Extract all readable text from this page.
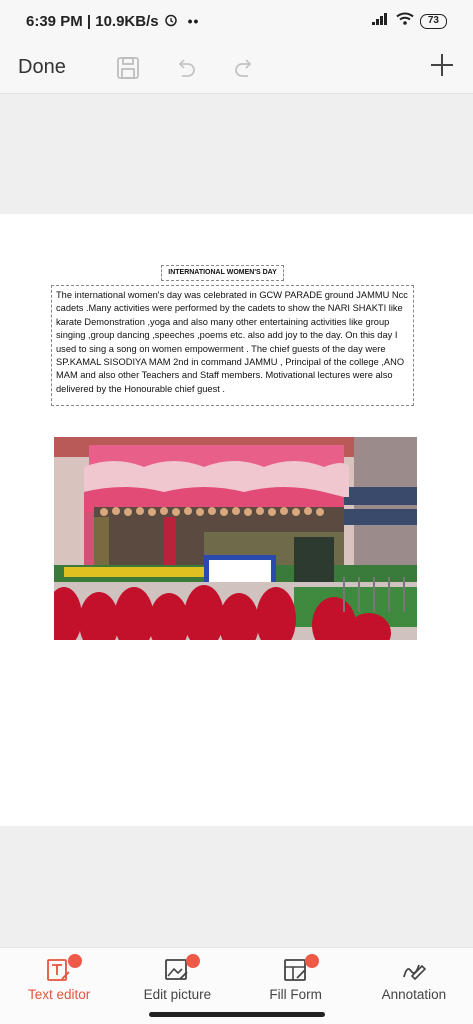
6:39 PM | 10.9KB/s ••	73
Done
INTERNATIONAL WOMEN'S DAY
The international women's day was celebrated in GCW PARADE ground JAMMU Ncc cadets .Many activities were performed by the cadets to show the NARI SHAKTI like karate Demonstration ,yoga and also many other entertaining activities like group singing ,group dancing ,speeches ,poems etc. also add joy to the day. On this day I used to sing a song on women empowerment . The chief guests of the day were SP.KAMAL SISODIYA MAM 2nd in command JAMMU , Principal of the college ,ANO MAM and also other Teachers and Staff members. Motivational lectures were also delivered by the Honourable chief guest .
Text editor	Edit picture	Fill Form	Annotation
